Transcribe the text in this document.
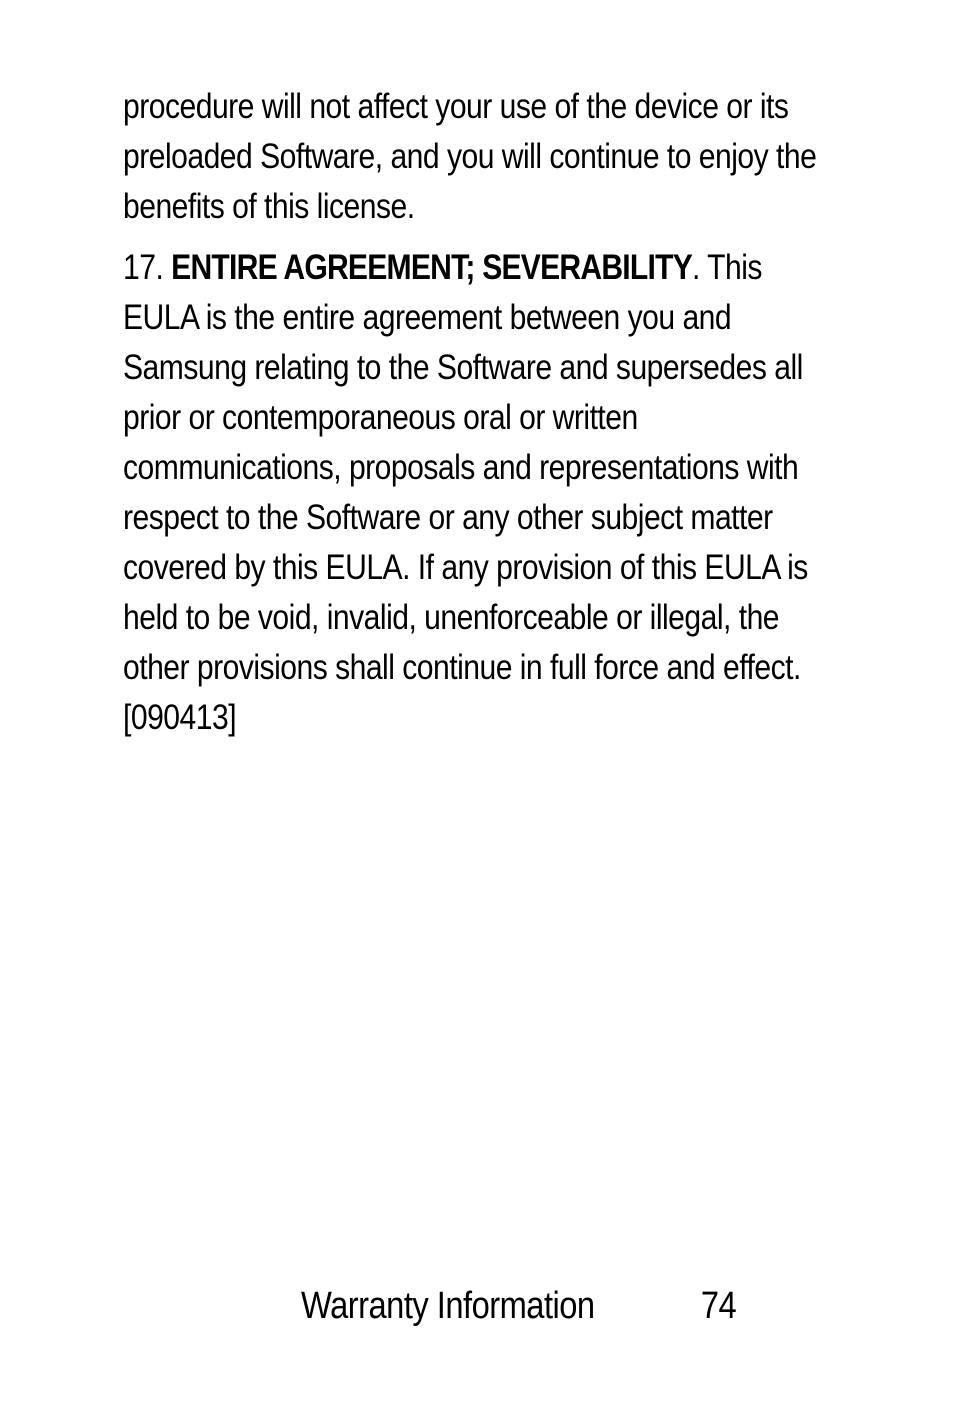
procedure will not affect your use of the device or its preloaded Software, and you will continue to enjoy the benefits of this license.

17. ENTIRE AGREEMENT; SEVERABILITY. This EULA is the entire agreement between you and Samsung relating to the Software and supersedes all prior or contemporaneous oral or written communications, proposals and representations with respect to the Software or any other subject matter covered by this EULA. If any provision of this EULA is held to be void, invalid, unenforceable or illegal, the other provisions shall continue in full force and effect. [090413]

Warranty Information	74
